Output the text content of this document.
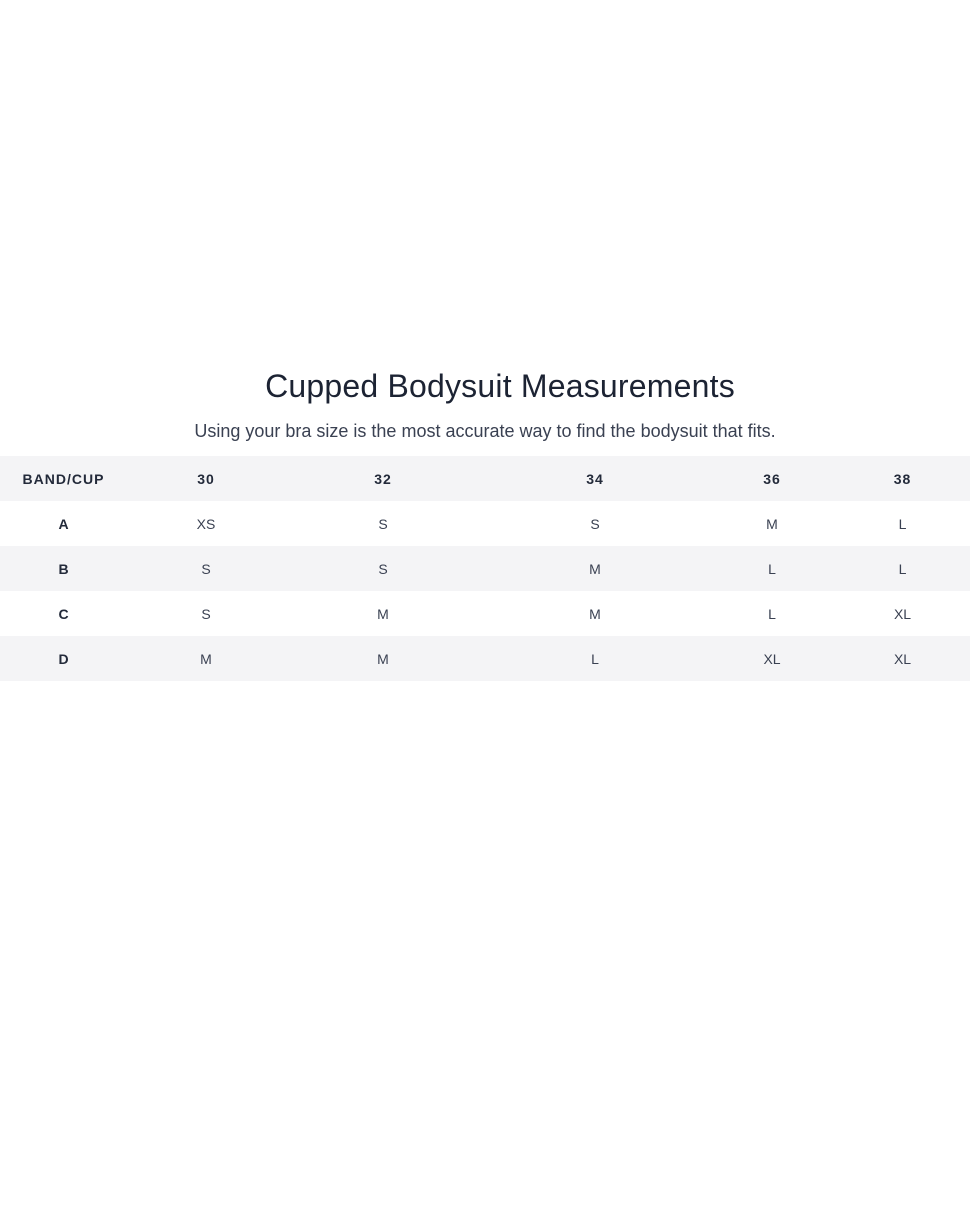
Cupped Bodysuit Measurements

Using your bra size is the most accurate way to find the bodysuit that fits.

BAND/CUP	30	32	34	36	38
A	XS	S	S	M	L
B	S	S	M	L	L
C	S	M	M	L	XL
D	M	M	L	XL	XL
